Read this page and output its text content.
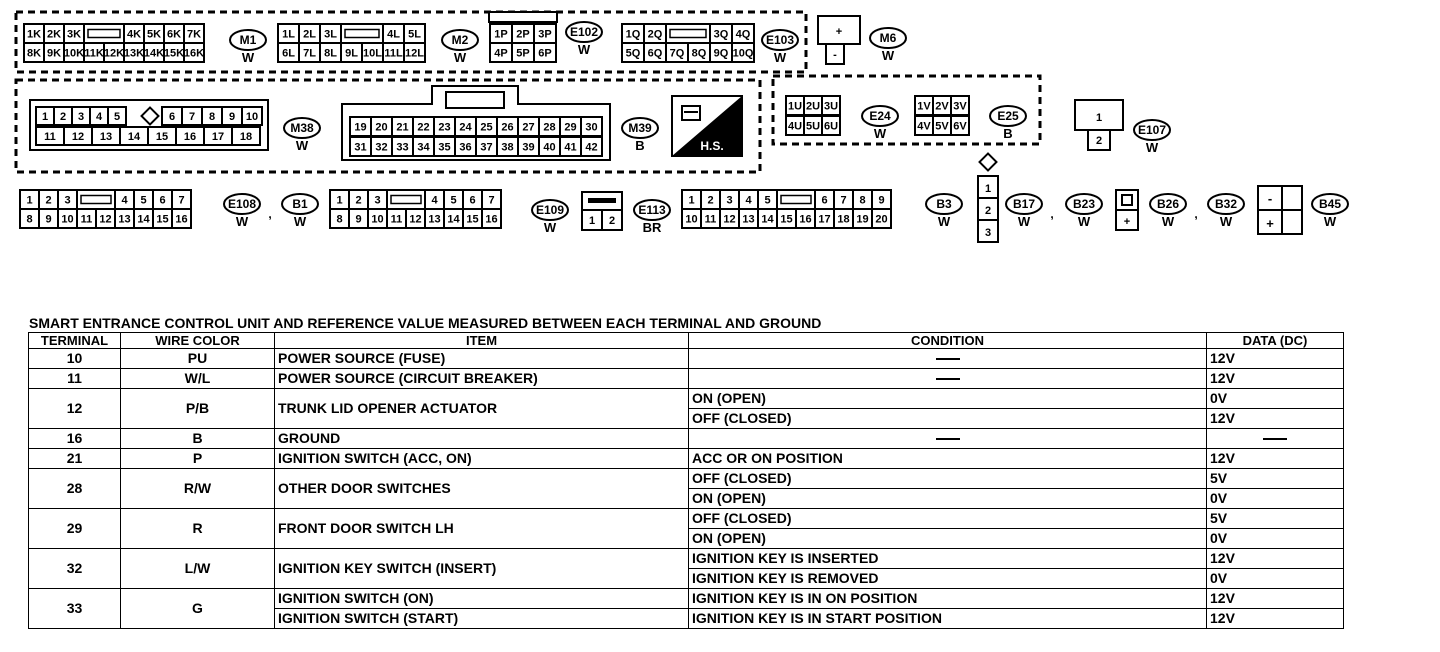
1K 2K 3K	4K 5K 6K 7K
8K 9K 10K 11K 12K 13K 14K 15K 16K
M1
W
1L 2L 3L	4L 5L
6L 7L 8L 9L 10L 11L 12L
M2
W
1P 2P 3P
4P 5P 6P
E102
W
1Q 2Q	3Q 4Q
5Q 6Q 7Q 8Q 9Q 10Q
E103
W
+
-
M6
W
1 2 3 4 5	6 7 8 9 10
11 12 13 14 15 16 17 18
M38
W
19 20 21 22 23 24 25 26 27 28 29 30
31 32 33 34 35 36 37 38 39 40 41 42
M39
B	H.S.
1U 2U 3U
4U 5U 6U
E24
W
1V 2V 3V
4V 5V 6V
E25
B
1
2
E107
W
1 2 3	4 5 6 7
8 9 10 11 12 13 14 15 16
E108
W ,
B1
W
1 2 3	4 5 6 7
8 9 10 11 12 13 14 15 16
E109
W	1 2
E113
BR
1 2 3 4 5	6 7 8 9
10 11 12 13 14 15 16 17 18 19 20
B3
W
1
2
3
B17
W ,
B23
W	+
B26
W ,
B32
W
-
+
B45
W
SMART ENTRANCE CONTROL UNIT AND REFERENCE VALUE MEASURED BETWEEN EACH TERMINAL AND GROUND
TERMINAL	WIRE COLOR	ITEM	CONDITION	DATA (DC)
10	PU	POWER SOURCE (FUSE)		12V
11	W/L	POWER SOURCE (CIRCUIT BREAKER)		12V
12	P/B	TRUNK LID OPENER ACTUATOR	ON (OPEN)	0V
			OFF (CLOSED)	12V
16	B	GROUND		
21	P	IGNITION SWITCH (ACC, ON)	ACC OR ON POSITION	12V
28	R/W	OTHER DOOR SWITCHES	OFF (CLOSED)	5V
			ON (OPEN)	0V
29	R	FRONT DOOR SWITCH LH	OFF (CLOSED)	5V
			ON (OPEN)	0V
32	L/W	IGNITION KEY SWITCH (INSERT)	IGNITION KEY IS INSERTED	12V
			IGNITION KEY IS REMOVED	0V
33	G	IGNITION SWITCH (ON)	IGNITION KEY IS IN ON POSITION	12V
		IGNITION SWITCH (START)	IGNITION KEY IS IN START POSITION	12V
